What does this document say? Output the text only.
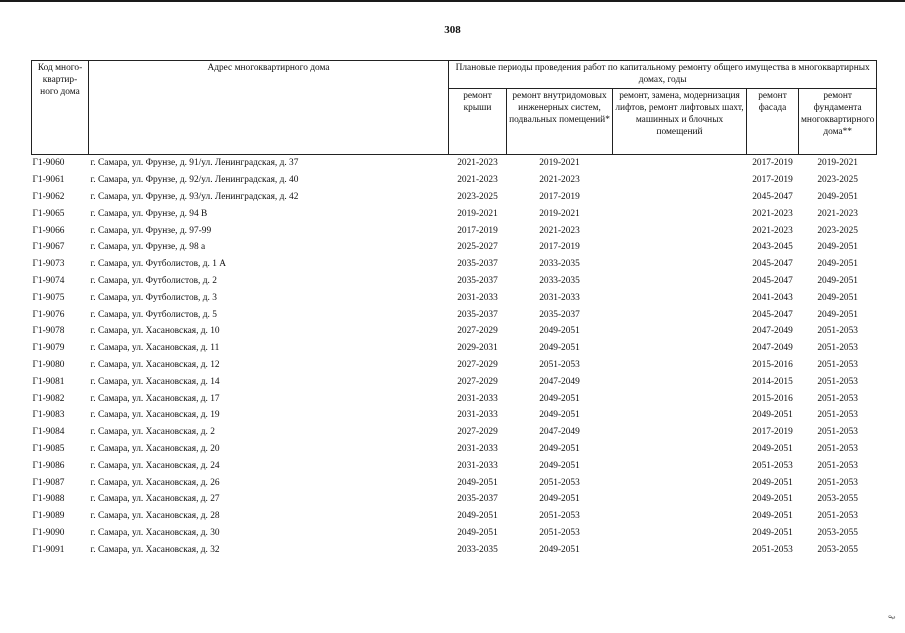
308
Код много-квартир-ного дома	Адрес многоквартирного дома	Плановые периоды проведения работ по капитальному ремонту общего имущества в многоквартирных домах, годы				
		ремонт крыши	ремонт внутридомовых инженерных систем, подвальных помещений*	ремонт, замена, модернизация лифтов, ремонт лифтовых шахт, машинных и блочных помещений	ремонт фасада	ремонт фундамента многоквартирного дома**
Г1-9060	г. Самара, ул. Фрунзе, д. 91/ул. Ленинградская, д. 37	2021-2023	2019-2021		2017-2019	2019-2021
Г1-9061	г. Самара, ул. Фрунзе, д. 92/ул. Ленинградская, д. 40	2021-2023	2021-2023		2017-2019	2023-2025
Г1-9062	г. Самара, ул. Фрунзе, д. 93/ул. Ленинградская, д. 42	2023-2025	2017-2019		2045-2047	2049-2051
Г1-9065	г. Самара, ул. Фрунзе, д. 94 В	2019-2021	2019-2021		2021-2023	2021-2023
Г1-9066	г. Самара, ул. Фрунзе, д. 97-99	2017-2019	2021-2023		2021-2023	2023-2025
Г1-9067	г. Самара, ул. Фрунзе, д. 98 а	2025-2027	2017-2019		2043-2045	2049-2051
Г1-9073	г. Самара, ул. Футболистов, д. 1 А	2035-2037	2033-2035		2045-2047	2049-2051
Г1-9074	г. Самара, ул. Футболистов, д. 2	2035-2037	2033-2035		2045-2047	2049-2051
Г1-9075	г. Самара, ул. Футболистов, д. 3	2031-2033	2031-2033		2041-2043	2049-2051
Г1-9076	г. Самара, ул. Футболистов, д. 5	2035-2037	2035-2037		2045-2047	2049-2051
Г1-9078	г. Самара, ул. Хасановская, д. 10	2027-2029	2049-2051		2047-2049	2051-2053
Г1-9079	г. Самара, ул. Хасановская, д. 11	2029-2031	2049-2051		2047-2049	2051-2053
Г1-9080	г. Самара, ул. Хасановская, д. 12	2027-2029	2051-2053		2015-2016	2051-2053
Г1-9081	г. Самара, ул. Хасановская, д. 14	2027-2029	2047-2049		2014-2015	2051-2053
Г1-9082	г. Самара, ул. Хасановская, д. 17	2031-2033	2049-2051		2015-2016	2051-2053
Г1-9083	г. Самара, ул. Хасановская, д. 19	2031-2033	2049-2051		2049-2051	2051-2053
Г1-9084	г. Самара, ул. Хасановская, д. 2	2027-2029	2047-2049		2017-2019	2051-2053
Г1-9085	г. Самара, ул. Хасановская, д. 20	2031-2033	2049-2051		2049-2051	2051-2053
Г1-9086	г. Самара, ул. Хасановская, д. 24	2031-2033	2049-2051		2051-2053	2051-2053
Г1-9087	г. Самара, ул. Хасановская, д. 26	2049-2051	2051-2053		2049-2051	2051-2053
Г1-9088	г. Самара, ул. Хасановская, д. 27	2035-2037	2049-2051		2049-2051	2053-2055
Г1-9089	г. Самара, ул. Хасановская, д. 28	2049-2051	2051-2053		2049-2051	2051-2053
Г1-9090	г. Самара, ул. Хасановская, д. 30	2049-2051	2051-2053		2049-2051	2053-2055
Г1-9091	г. Самара, ул. Хасановская, д. 32	2033-2035	2049-2051		2051-2053	2053-2055
ℓ
